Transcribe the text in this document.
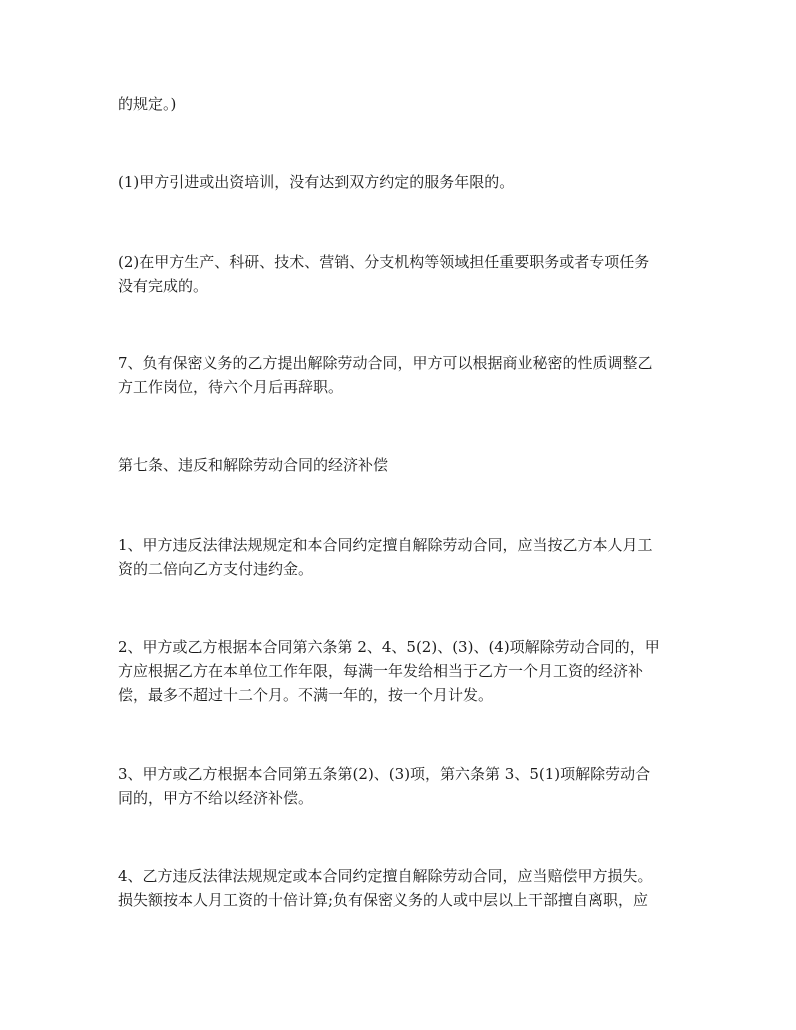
的规定。)
(1)甲方引进或出资培训，没有达到双方约定的服务年限的。
(2)在甲方生产、科研、技术、营销、分支机构等领域担任重要职务或者专项任务
没有完成的。
7、负有保密义务的乙方提出解除劳动合同，甲方可以根据商业秘密的性质调整乙
方工作岗位，待六个月后再辞职。
第七条、违反和解除劳动合同的经济补偿
1、甲方违反法律法规规定和本合同约定擅自解除劳动合同，应当按乙方本人月工
资的二倍向乙方支付违约金。
2、甲方或乙方根据本合同第六条第 2、4、5(2)、(3)、(4)项解除劳动合同的，甲
方应根据乙方在本单位工作年限，每满一年发给相当于乙方一个月工资的经济补
偿，最多不超过十二个月。不满一年的，按一个月计发。
3、甲方或乙方根据本合同第五条第(2)、(3)项，第六条第 3、5(1)项解除劳动合
同的，甲方不给以经济补偿。
4、乙方违反法律法规规定或本合同约定擅自解除劳动合同，应当赔偿甲方损失。
损失额按本人月工资的十倍计算;负有保密义务的人或中层以上干部擅自离职，应
